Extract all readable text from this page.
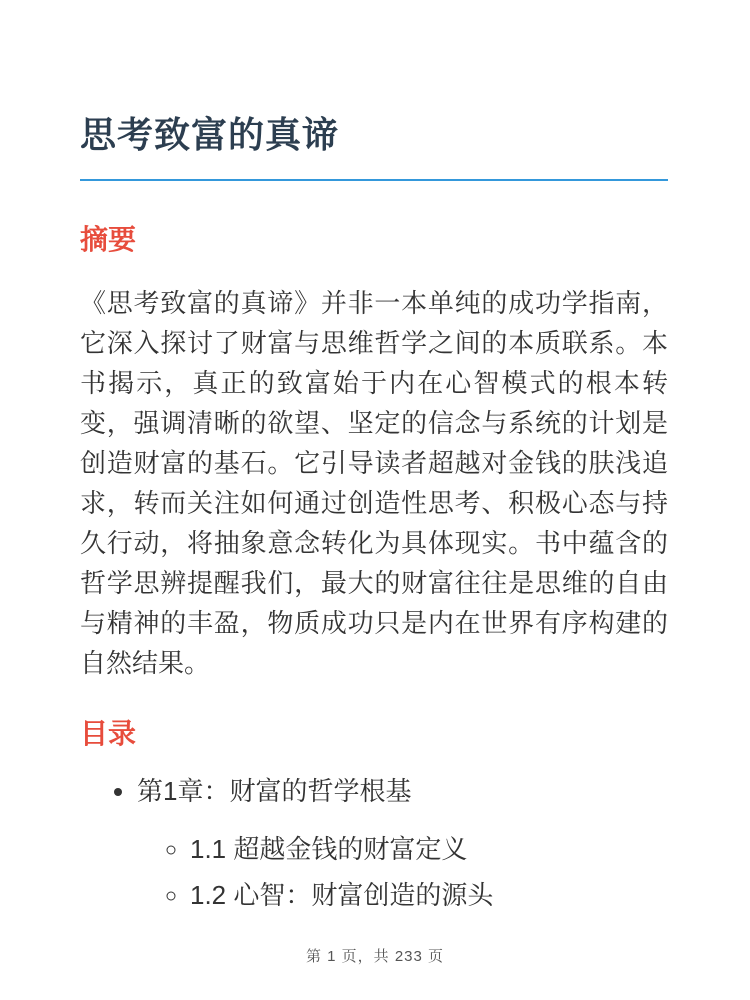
思考致富的真谛
摘要

《思考致富的真谛》并非一本单纯的成功学指南，它深入探讨了财富与思维哲学之间的本质联系。本书揭示，真正的致富始于内在心智模式的根本转变，强调清晰的欲望、坚定的信念与系统的计划是创造财富的基石。它引导读者超越对金钱的肤浅追求，转而关注如何通过创造性思考、积极心态与持久行动，将抽象意念转化为具体现实。书中蕴含的哲学思辨提醒我们，最大的财富往往是思维的自由与精神的丰盈，物质成功只是内在世界有序构建的自然结果。

目录
• 第1章：财富的哲学根基
◦ 1.1 超越金钱的财富定义
◦ 1.2 心智：财富创造的源头
第 1 页，共 233 页
